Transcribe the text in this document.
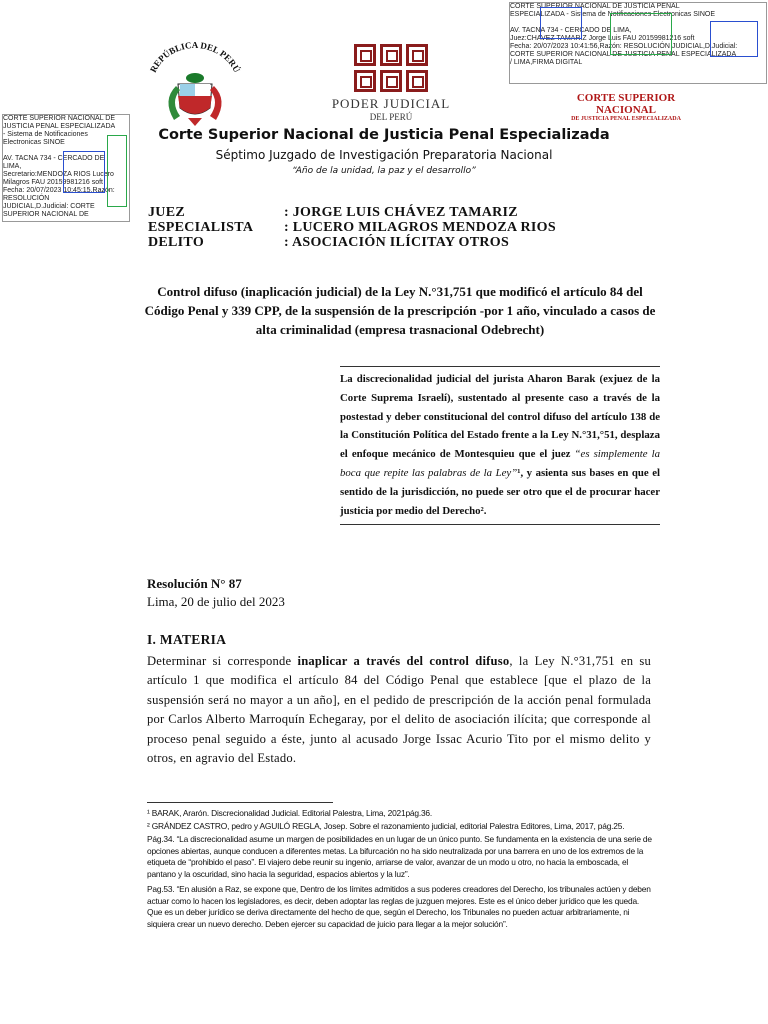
CORTE SUPERIOR NACIONAL DE JUSTICIA PENAL
ESPECIALIZADA - Sistema de Notificaciones Electronicas SINOE

AV. TACNA 734 - CERCADO DE LIMA,
Juez:CHAVEZ TAMARIZ Jorge Luis FAU 20159981216 soft
Fecha: 20/07/2023 10:41:56,Razón: RESOLUCIÓN JUDICIAL,D.Judicial:
CORTE SUPERIOR NACIONAL DE JUSTICIA PENAL ESPECIALIZADA
/ LIMA,FIRMA DIGITAL
CORTE SUPERIOR NACIONAL DE
JUSTICIA PENAL ESPECIALIZADA
- Sistema de Notificaciones
Electronicas SINOE

AV. TACNA 734 - CERCADO DE
LIMA,
Secretario:MENDOZA RIOS Lucero
Milagros FAU 20159981216 soft
Fecha: 20/07/2023 10:45:15,Razón:
RESOLUCIÓN
JUDICIAL,D.Judicial: CORTE
SUPERIOR NACIONAL DE
REPÚBLICA DEL PERÚ
PODER JUDICIAL
DEL PERÚ
CORTE SUPERIOR NACIONAL
DE JUSTICIA PENAL ESPECIALIZADA
Corte Superior Nacional de Justicia Penal Especializada
Séptimo Juzgado de Investigación Preparatoria Nacional
“Año de la unidad, la paz y el desarrollo”
JUEZ	: JORGE LUIS CHÁVEZ TAMARIZ
ESPECIALISTA : LUCERO MILAGROS MENDOZA RIOS
DELITO	: ASOCIACIÓN ILÍCITAY OTROS
Control difuso (inaplicación judicial) de la Ley N.°31,751 que modificó el artículo 84 del Código Penal y 339 CPP, de la suspensión de la prescripción -por 1 año, vinculado a casos de alta criminalidad (empresa trasnacional Odebrecht)

La discrecionalidad judicial del jurista Aharon Barak (exjuez de la Corte Suprema Israelí), sustentado al presente caso a través de la postestad y deber constitucional del control difuso del artículo 138 de la Constitución Política del Estado frente a la Ley N.°31,°51, desplaza el enfoque mecánico de Montesquieu que el juez “es simplemente la boca que repite las palabras de la Ley”¹, y asienta sus bases en que el sentido de la jurisdicción, no puede ser otro que el de procurar hacer justicia por medio del Derecho².

Resolución N° 87
Lima, 20 de julio del 2023
I. MATERIA

Determinar si corresponde inaplicar a través del control difuso, la Ley N.°31,751 en su artículo 1 que modifica el artículo 84 del Código Penal que establece [que el plazo de la suspensión será no mayor a un año], en el pedido de prescripción de la acción penal formulada por Carlos Alberto Marroquín Echegaray, por el delito de asociación ilícita; que corresponde al proceso penal seguido a éste, junto al acusado Jorge Issac Acurio Tito por el mismo delito y otros, en agravio del Estado.

¹ BARAK, Ararón. Discrecionalidad Judicial. Editorial Palestra, Lima, 2021pág.36.
² GRÁNDEZ CASTRO, pedro y AGUILÓ REGLA, Josep. Sobre el razonamiento judicial, editorial Palestra Editores, Lima, 2017, pág.25.
Pág.34. “La discrecionalidad asume un margen de posibilidades en un lugar de un único punto. Se fundamenta en la existencia de una serie de opciones abiertas, aunque conducen a diferentes metas. La bifurcación no ha sido neutralizada por una barrera en uno de los extremos de la etiqueta de “prohibido el paso”. El viajero debe reunir su ingenio, arriarse de valor, avanzar de un modo u otro, no hacia la emboscada, el pantano y la oscuridad, sino hacia la seguridad, espacios abiertos y la luz”.
Pag.53. “En alusión a Raz, se expone que, Dentro de los límites admitidos a sus poderes creadores del Derecho, los tribunales actúen y deben actuar como lo hacen los legisladores, es decir, deben adoptar las reglas de juzguen mejores. Este es el único deber jurídico que les queda. Que es un deber jurídico se deriva directamente del hecho de que, según el Derecho, los Tribunales no pueden actuar arbitrariamente, ni siquiera crear un nuevo derecho. Deben ejercer su capacidad de juicio para llegar a la mejor solución”.
